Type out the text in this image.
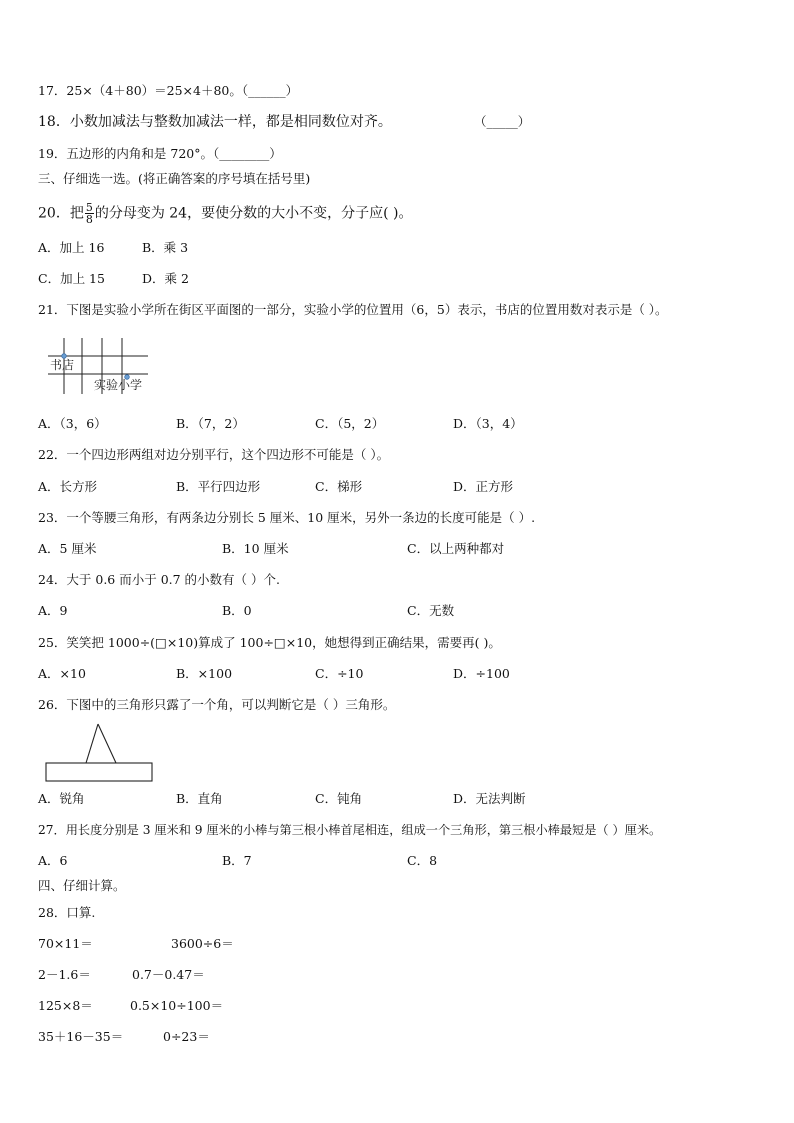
17．25×（4＋80）＝25×4＋80。（______）
18．小数加减法与整数加减法一样，都是相同数位对齐。	（_____）
19．五边形的内角和是 720°。（________）
三、仔细选一选。(将正确答案的序号填在括号里)
20．把 $\frac{5}{8}$ 的分母变为 24，要使分数的大小不变，分子应( )。
A．加上 16	B．乘 3
C．加上 15	D．乘 2
21．下图是实验小学所在街区平面图的一部分，实验小学的位置用（6，5）表示，书店的位置用数对表示是（ ）。
书店
实验小学
A．（3，6）	B．（7，2）	C．（5，2）	D．（3，4）
22．一个四边形两组对边分别平行，这个四边形不可能是（ ）。
A．长方形	B．平行四边形	C．梯形	D．正方形
23．一个等腰三角形，有两条边分别长 5 厘米、10 厘米，另外一条边的长度可能是（ ）.
A．5 厘米	B．10 厘米	C．以上两种都对
24．大于 0.6 而小于 0.7 的小数有（ ）个.
A．9	B．0	C．无数
25．笑笑把 1000÷(□×10)算成了 100÷□×10，她想得到正确结果，需要再( )。
A．×10	B．×100	C．÷10	D．÷100
26．下图中的三角形只露了一个角，可以判断它是（ ）三角形。
A．锐角	B．直角	C．钝角	D．无法判断
27．用长度分别是 3 厘米和 9 厘米的小棒与第三根小棒首尾相连，组成一个三角形，第三根小棒最短是（ ）厘米。
A．6	B．7	C．8
四、仔细计算。
28．口算.
70×11＝	3600÷6＝
2－1.6＝	0.7－0.47＝
125×8＝	0.5×10÷100＝
35＋16－35＝	0÷23＝
